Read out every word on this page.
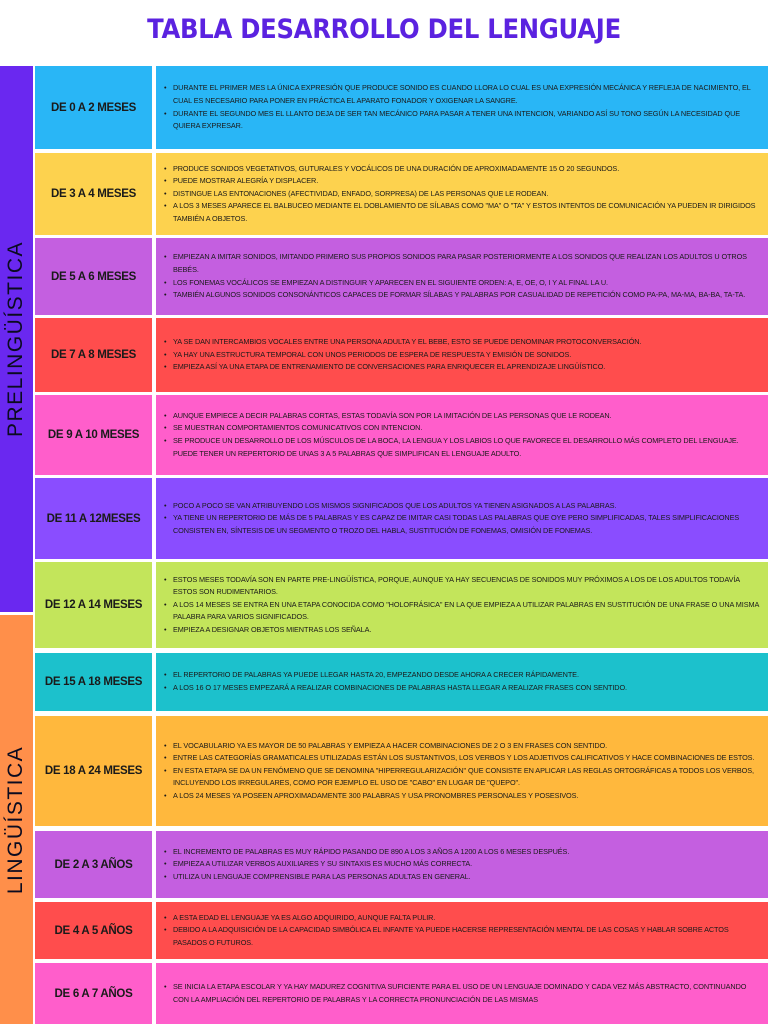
TABLA DESARROLLO DEL LENGUAJE
PRELINGÜÍSTICA
LINGÜÍSTICA
DE 0 A 2 MESES
• DURANTE EL PRIMER MES LA ÚNICA EXPRESIÓN QUE PRODUCE SONIDO ES CUANDO LLORA LO CUAL ES UNA EXPRESIÓN MECÁNICA Y REFLEJA DE NACIMIENTO, EL CUAL ES NECESARIO PARA PONER EN PRÁCTICA EL APARATO FONADOR Y OXIGENAR LA SANGRE.
• DURANTE EL SEGUNDO MES EL LLANTO DEJA DE SER TAN MECÁNICO PARA PASAR A TENER UNA INTENCION, VARIANDO ASÍ SU TONO SEGÚN LA NECESIDAD QUE QUIERA EXPRESAR.
DE 3 A 4 MESES
• PRODUCE SONIDOS VEGETATIVOS, GUTURALES Y VOCÁLICOS DE UNA DURACIÓN DE APROXIMADAMENTE 15 O 20 SEGUNDOS.
• PUEDE MOSTRAR ALEGRÍA Y DISPLACER.
• DISTINGUE LAS ENTONACIONES (AFECTIVIDAD, ENFADO, SORPRESA) DE LAS PERSONAS QUE LE RODEAN.
• A LOS 3 MESES APARECE EL BALBUCEO MEDIANTE EL DOBLAMIENTO DE SÍLABAS COMO "MA" O "TA" Y ESTOS INTENTOS DE COMUNICACIÓN YA PUEDEN IR DIRIGIDOS TAMBIÉN A OBJETOS.
DE 5 A 6 MESES
• EMPIEZAN A IMITAR SONIDOS, IMITANDO PRIMERO SUS PROPIOS SONIDOS PARA PASAR POSTERIORMENTE A LOS SONIDOS QUE REALIZAN LOS ADULTOS U OTROS BEBÉS.
• LOS FONEMAS VOCÁLICOS SE EMPIEZAN A DISTINGUIR Y APARECEN EN EL SIGUIENTE ORDEN: A, E, OE, O, I Y AL FINAL LA U.
• TAMBIÉN ALGUNOS SONIDOS CONSONÁNTICOS CAPACES DE FORMAR SÍLABAS Y PALABRAS POR CASUALIDAD DE REPETICIÓN COMO PA-PA, MA-MA, BA-BA, TA-TA.
DE 7 A 8 MESES
• YA SE DAN INTERCAMBIOS VOCALES ENTRE UNA PERSONA ADULTA Y EL BEBE, ESTO SE PUEDE DENOMINAR PROTOCONVERSACIÓN.
• YA HAY UNA ESTRUCTURA TEMPORAL CON UNOS PERIODOS DE ESPERA DE RESPUESTA Y EMISIÓN DE SONIDOS.
• EMPIEZA ASÍ YA UNA ETAPA DE ENTRENAMIENTO DE CONVERSACIONES PARA ENRIQUECER EL APRENDIZAJE LINGÜÍSTICO.
DE 9 A 10 MESES
• AUNQUE EMPIECE A DECIR PALABRAS CORTAS, ESTAS TODAVÍA SON POR LA IMITACIÓN DE LAS PERSONAS QUE LE RODEAN.
• SE MUESTRAN COMPORTAMIENTOS COMUNICATIVOS CON INTENCION.
• SE PRODUCE UN DESARROLLO DE LOS MÚSCULOS DE LA BOCA, LA LENGUA Y LOS LABIOS LO QUE FAVORECE EL DESARROLLO MÁS COMPLETO DEL LENGUAJE. PUEDE TENER UN REPERTORIO DE UNAS 3 A 5 PALABRAS QUE SIMPLIFICAN EL LENGUAJE ADULTO.
DE 11 A 12MESES
• POCO A POCO SE VAN ATRIBUYENDO LOS MISMOS SIGNIFICADOS QUE LOS ADULTOS YA TIENEN ASIGNADOS A LAS PALABRAS.
• YA TIENE UN REPERTORIO DE MÁS DE 5 PALABRAS Y ES CAPAZ DE IMITAR CASI TODAS LAS PALABRAS QUE OYE PERO SIMPLIFICADAS, TALES SIMPLIFICACIONES CONSISTEN EN, SÍNTESIS DE UN SEGMENTO O TROZO DEL HABLA, SUSTITUCIÓN DE FONEMAS, OMISIÓN DE FONEMAS.
DE 12 A 14 MESES
• ESTOS MESES TODAVÍA SON EN PARTE PRE-LINGÜÍSTICA, PORQUE, AUNQUE YA HAY SECUENCIAS DE SONIDOS MUY PRÓXIMOS A LOS DE LOS ADULTOS TODAVÍA ESTOS SON RUDIMENTARIOS.
• A LOS 14 MESES SE ENTRA EN UNA ETAPA CONOCIDA COMO "HOLOFRÁSICA" EN LA QUE EMPIEZA A UTILIZAR PALABRAS EN SUSTITUCIÓN DE UNA FRASE O UNA MISMA PALABRA PARA VARIOS SIGNIFICADOS.
• EMPIEZA A DESIGNAR OBJETOS MIENTRAS LOS SEÑALA.
DE 15 A 18 MESES
• EL REPERTORIO DE PALABRAS YA PUEDE LLEGAR HASTA 20, EMPEZANDO DESDE AHORA A CRECER RÁPIDAMENTE.
• A LOS 16 O 17 MESES EMPEZARÁ A REALIZAR COMBINACIONES DE PALABRAS HASTA LLEGAR A REALIZAR FRASES CON SENTIDO.
DE 18 A 24 MESES
• EL VOCABULARIO YA ES MAYOR DE 50 PALABRAS Y EMPIEZA A HACER COMBINACIONES DE 2 O 3 EN FRASES CON SENTIDO.
• ENTRE LAS CATEGORÍAS GRAMATICALES UTILIZADAS ESTÁN LOS SUSTANTIVOS, LOS VERBOS Y LOS ADJETIVOS CALIFICATIVOS Y HACE COMBINACIONES DE ESTOS.
• EN ESTA ETAPA SE DA UN FENÓMENO QUE SE DENOMINA "HIPERREGULARIZACIÓN" QUE CONSISTE EN APLICAR LAS REGLAS ORTOGRÁFICAS A TODOS LOS VERBOS, INCLUYENDO LOS IRREGULARES, COMO POR EJEMPLO EL USO DE "CABO" EN LUGAR DE "QUEPO".
• A LOS 24 MESES YA POSEEN APROXIMADAMENTE 300 PALABRAS Y USA PRONOMBRES PERSONALES Y POSESIVOS.
DE 2 A 3 AÑOS
• EL INCREMENTO DE PALABRAS ES MUY RÁPIDO PASANDO DE 890 A LOS 3 AÑOS A 1200 A LOS 6 MESES DESPUÉS.
• EMPIEZA A UTILIZAR VERBOS AUXILIARES Y SU SINTAXIS ES MUCHO MÁS CORRECTA.
• UTILIZA UN LENGUAJE COMPRENSIBLE PARA LAS PERSONAS ADULTAS EN GENERAL.
DE 4 A 5 AÑOS
• A ESTA EDAD EL LENGUAJE YA ES ALGO ADQUIRIDO, AUNQUE FALTA PULIR.
• DEBIDO A LA ADQUISICIÓN DE LA CAPACIDAD SIMBÓLICA EL INFANTE YA PUEDE HACERSE REPRESENTACIÓN MENTAL DE LAS COSAS Y HABLAR SOBRE ACTOS PASADOS O FUTUROS.
DE 6 A 7 AÑOS
• SE INICIA LA ETAPA ESCOLAR Y YA HAY MADUREZ COGNITIVA SUFICIENTE PARA EL USO DE UN LENGUAJE DOMINADO Y CADA VEZ MÁS ABSTRACTO, CONTINUANDO CON LA AMPLIACIÓN DEL REPERTORIO DE PALABRAS Y LA CORRECTA PRONUNCIACIÓN DE LAS MISMAS
